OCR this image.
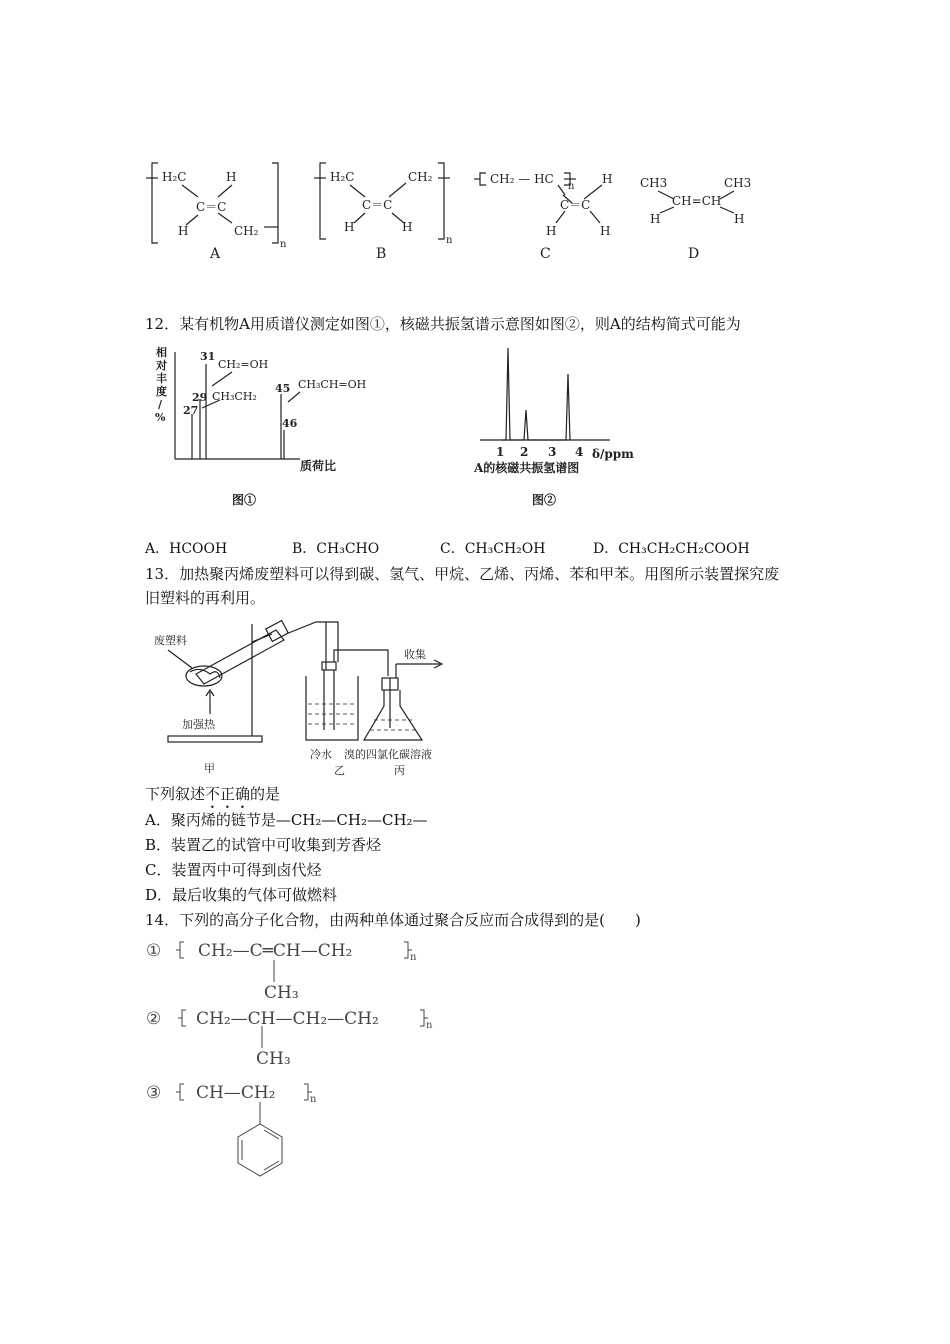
H₂C	H
C＝C
H	CH₂
n
H₂C	CH₂
C＝C
H	H
n
CH₂ — HC
n
H
C＝C
H	H
CH3	CH3
CH=CH
H	H
A	B	C	D
12．某有机物A用质谱仪测定如图①，核磁共振氢谱示意图如图②，则A的结构简式可能为
相
对
丰
度
/
%
31
29
27
45
46
CH₂=OH
CH₃CH₂
CH₃CH=OH
质荷比
图①
1 2 3 4 δ/ppm
A的核磁共振氢谱图
图②
A．HCOOH	B．CH₃CHO	C．CH₃CH₂OH	D．CH₃CH₂CH₂COOH
13．加热聚丙烯废塑料可以得到碳、氢气、甲烷、乙烯、丙烯、苯和甲苯。用图所示装置探究废
旧塑料的再利用。
废塑料
加强热
收集
冷水 溴的四氯化碳溶液
甲	乙	丙
下列叙述不正确的是
A．聚丙烯的链节是—CH₂—CH₂—CH₂—
B．装置乙的试管中可收集到芳香烃
C．装置丙中可得到卤代烃
D．最后收集的气体可做燃料
14．下列的高分子化合物，由两种单体通过聚合反应而合成得到的是(　　)
① CH₂—C═CH—CH₂	n
CH₃
② CH₂—CH—CH₂—CH₂	n
CH₃
③ CH—CH₂	n
